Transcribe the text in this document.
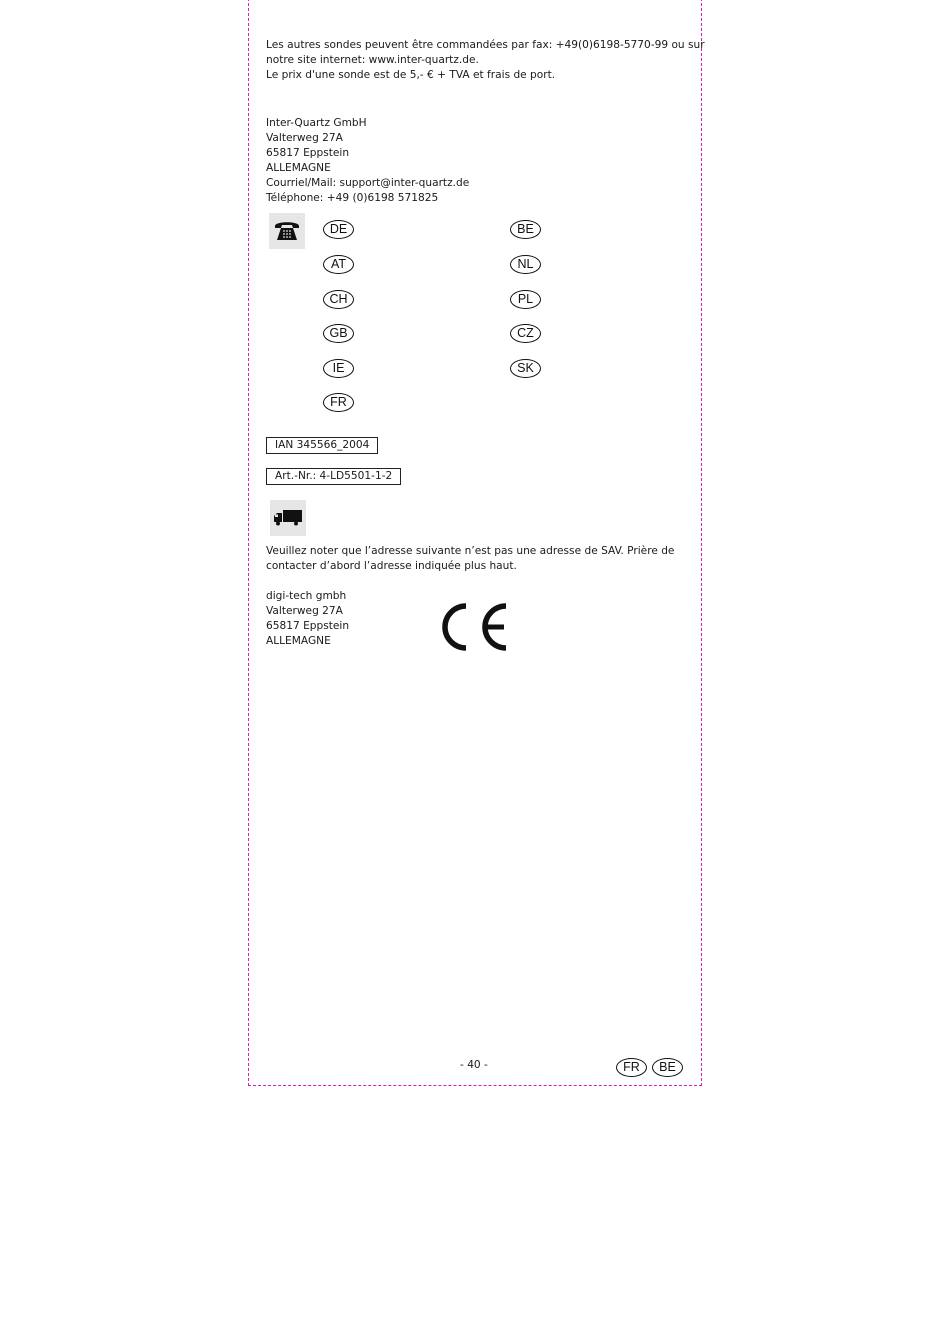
Les autres sondes peuvent être commandées par fax: +49(0)6198-5770-99 ou sur
notre site internet: www.inter-quartz.de.
Le prix d'une sonde est de 5,- € + TVA et frais de port.
Inter-Quartz GmbH
Valterweg 27A
65817 Eppstein
ALLEMAGNE
Courriel/Mail: support@inter-quartz.de
Téléphone: +49 (0)6198 571825
DE
AT
CH
GB
IE
FR
BE
NL
PL
CZ
SK
IAN 345566_2004
Art.-Nr.: 4-LD5501-1-2
Veuillez noter que l’adresse suivante n’est pas une adresse de SAV. Prière de
contacter d’abord l’adresse indiquée plus haut.
digi-tech gmbh
Valterweg 27A
65817 Eppstein
ALLEMAGNE
- 40 -	FR	BE
